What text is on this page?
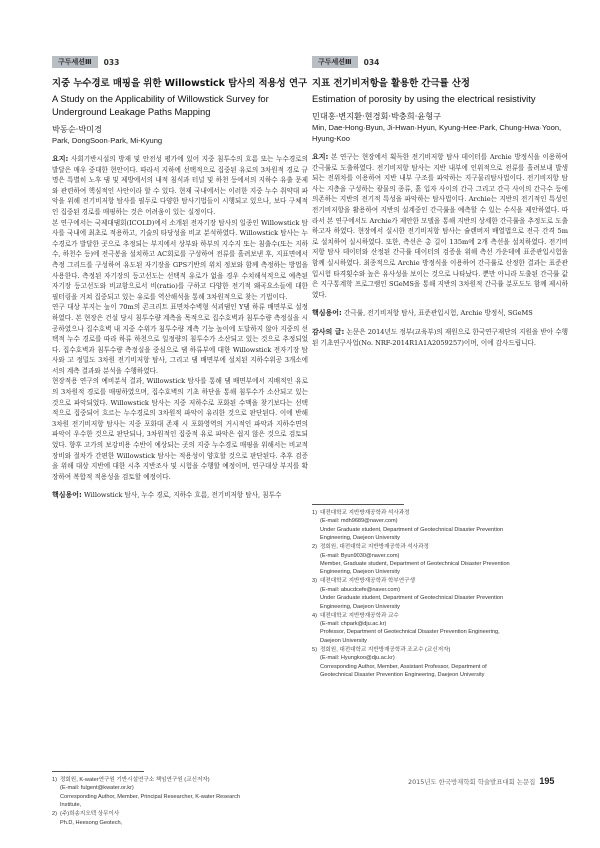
구두세션Ⅲ	033
지중 누수경로 매핑을 위한 Willowstick 탐사의 적용성 연구
A Study on the Applicability of Willowstick Survey for Underground Leakage Paths Mapping
박동순·박미경
Park, DongSoon·Park, Mi-Kyung

요지: 사회기반시설의 방재 및 안전성 평가에 있어 지중 침투수의 흐름 또는 누수경로의 발달은 매우 중대한 현안이다. 따라서 지하에 선택적으로 집중된 유로의 3차원적 경로 규명은 특별히 노후 댐 및 제방에서의 내적 침식과 터널 및 하천 등에서의 지하수 유출 문제와 관련하여 핵심적인 사안이라 할 수 있다. 현재 국내에서는 이러한 지중 누수 취약대 파악을 위해 전기비저항 탐사를 필두로 다양한 탐사기법들이 시행되고 있으나, 보다 구체적인 집중된 경로를 매핑하는 것은 어려움이 있는 실정이다.

본 연구에서는 국제대댐회(ICOLD)에서 소개된 전자기장 탐사의 일종인 Willowstick 탐사를 국내에 최초로 적용하고, 기술의 타당성을 비교 분석하였다. Willowstick 탐사는 누수경로가 발달한 곳으로 추정되는 부지에서 상부와 하부의 지수지 또는 침출수(또는 지하수, 하천수 등)에 전극봉을 설치하고 AC회로를 구성하여 전류를 흘려보낸 후, 지표면에서 측정 그리드를 구성하여 유도된 자기장을 GPS기반의 위치 정보와 함께 측정하는 방법을 사용한다. 측정된 자기장의 등고선도는 선택적 유로가 없을 경우 수치해석적으로 예측된 자기장 등고선도와 비교함으로서 비(ratio)를 구하고 다양한 전기적 왜곡요소들에 대한 필터링을 거쳐 집중되고 있는 유로를 역산해석을 통해 3차원적으로 찾는 기법이다.

연구 대상 부지는 높이 70m의 콘크리트 표면차수벽형 석괴댐인 Y댐 하류 배면부로 설정하였다. 본 현장은 건설 당시 침투수량 계측을 목적으로 집수호벽과 침투수량 측정실을 시공하였으나 집수호벽 내 지중 수위가 침투수량 계측 기능 높이에 도달하지 않아 지중의 선택적 누수 경로를 따라 하류 하천으로 일정량의 침투수가 소산되고 있는 것으로 추정되었다. 집수호벽과 침투수량 측정실을 중심으로 댐 하류부에 대한 Willowstick 전자기장 탐사와 고 정밀도 3차원 전기비저항 탐사, 그리고 댐 배면부에 설치된 지하수위공 3개소에서의 계측 결과와 분석을 수행하였다.

현장적용 연구의 예비분석 결과, Willowstick 탐사를 통해 댐 배면부에서 지배적인 유로의 3차원적 경로를 매핑하였으며, 집수호벽의 기초 하단을 통해 침투수가 소산되고 있는 것으로 파악되었다. Willowstick 탐사는 지중 저하수로 포화된 수맥을 찾기보다는 선택적으로 집중되어 흐르는 누수경로의 3차원적 파악이 유리한 것으로 판단된다. 이에 반해 3차원 전기비저항 탐사는 지중 포화대 존재 시 포화영역의 거시적인 파악과 지하수면의 파악이 우수한 것으로 판단되나, 3차원적인 집중적 유로 파악은 쉽지 않은 것으로 검토되었다. 향후 고가의 보강비용 수반이 예상되는 곳의 지중 누수경로 매핑을 위해서는 비교적 장비와 절차가 간편한 Willowstick 탐사는 적용성이 양호할 것으로 판단된다. 추후 검증을 위해 대상 지반에 대한 시추 지반조사 및 시험을 수행할 예정이며, 연구대상 부지를 확장하여 복합적 적용성을 검토할 예정이다.

핵심용어: Willowstick 탐사, 누수 경로, 지하수 흐름, 전기비저항 탐사, 침투수

1) 정회원, K-water연구원 기반시설연구소 책임연구원 (교신저자)
(E-mail: fulgent@kwater.or.kr)
Corresponding Author, Member, Principal Researcher, K-water Research
Institute,
2) (주)희송지오텍 상무이사
Ph.D, Heesong Geotech,
구두세션Ⅲ	034
지표 전기비저항을 활용한 간극률 산정
Estimation of porosity by using the electrical resistivity
민대홍·변지환·현경회·박충희·윤형구
Min, Dae-Hong·Byun, Ji-Hwan·Hyun, Kyung-Hee·Park, Chung-Hwa·Yoon, Hyung-Koo

요지: 본 연구는 현장에서 획득한 전기비저항 탐사 데이터를 Archie 방정식을 이용하여 간극률로 도출하였다. 전기비저항 탐사는 지반 내부에 인위적으로 전류를 흘려보내 발생되는 전위차를 이용하여 지반 내부 구조를 파악하는 지구물리탐사법이다. 전기비저항 탐사는 지층을 구성하는 광물의 종류, 흙 입자 사이의 간극 그리고 간극 사이의 간극수 등에 의존하는 지반의 전기적 특성을 파악하는 탐사법이다. Archie는 지반의 전기적인 특성인 전기비저항을 활용하여 지반의 설계중인 간극률을 예측할 수 있는 수식을 제안하였다. 따라서 본 연구에서도 Archie가 제안한 모델을 통해 지반의 상세한 간극률을 추정도로 도출하고자 하였다. 현장에서 실시한 전기비저항 탐사는 슐렌버저 배열법으로 전극 간격 5m로 설치하여 실시하였다. 또한, 측선은 총 길이 135m에 2개 측선을 설치하였다. 전기비저항 탐사 데이터와 산정된 간극률 데이터의 검증을 위해 측선 가운데에 표준관입시험을 함께 실시하였다. 최종적으로 Archie 방정식을 이용하여 간극률로 산정한 결과는 표준관입시험 타격횟수와 높은 유사성을 보이는 것으로 나타났다. 뿐만 아니라 도출된 간극률 값은 지구통계학 프로그램인 SGeMS을 통해 지반의 3차원적 간극률 분포도도 함께 제시하였다.

핵심용어: 간극률, 전기비저항 탐사, 표준관입시험, Archie 방정식, SGeMS

감사의 글: 논문은 2014년도 정부(교육부)의 재원으로 한국연구재단의 지원을 받아 수행된 기초연구사업(No. NRF-2014R1A1A2059257)이며, 이에 감사드립니다.

1) 대전대학교 지반방재공학과 석사과정
(E-mail: mdh9689@naver.com)
Under Graduate student, Department of Geotechnical Disaster Prevention
Engineering, Daejeon University
2) 정회원, 대전대학교 지반방재공학과 석사과정
(E-mail: Byun9030@naver.com)
Member, Graduate student, Department of Geotechnical Disaster Prevention
Engineering, Daejeon University
3) 대전대학교 지반방재공학과 학부연구생
(E-mail: abucdcefe@naver.com)
Under Graduate student, Department of Geotechnical Disaster Prevention
Engineering, Daejeon University
4) 대전대학교 지반방재공학과 교수
(E-mail: chpark@dju.ac.kr)
Professor, Department of Geotechnical Disaster Prevention Engineering,
Daejeon University
5) 정회원, 대전대학교 지반방재공학과 조교수 (교신저자)
(E-mail: Hyungkoo@dju.ac.kr)
Corresponding Author, Member, Assistant Professor, Department of
Geotechnical Disaster Prevention Engineering, Daejeon University
2015년도 한국방재학회 학술발표대회 논문집 195
